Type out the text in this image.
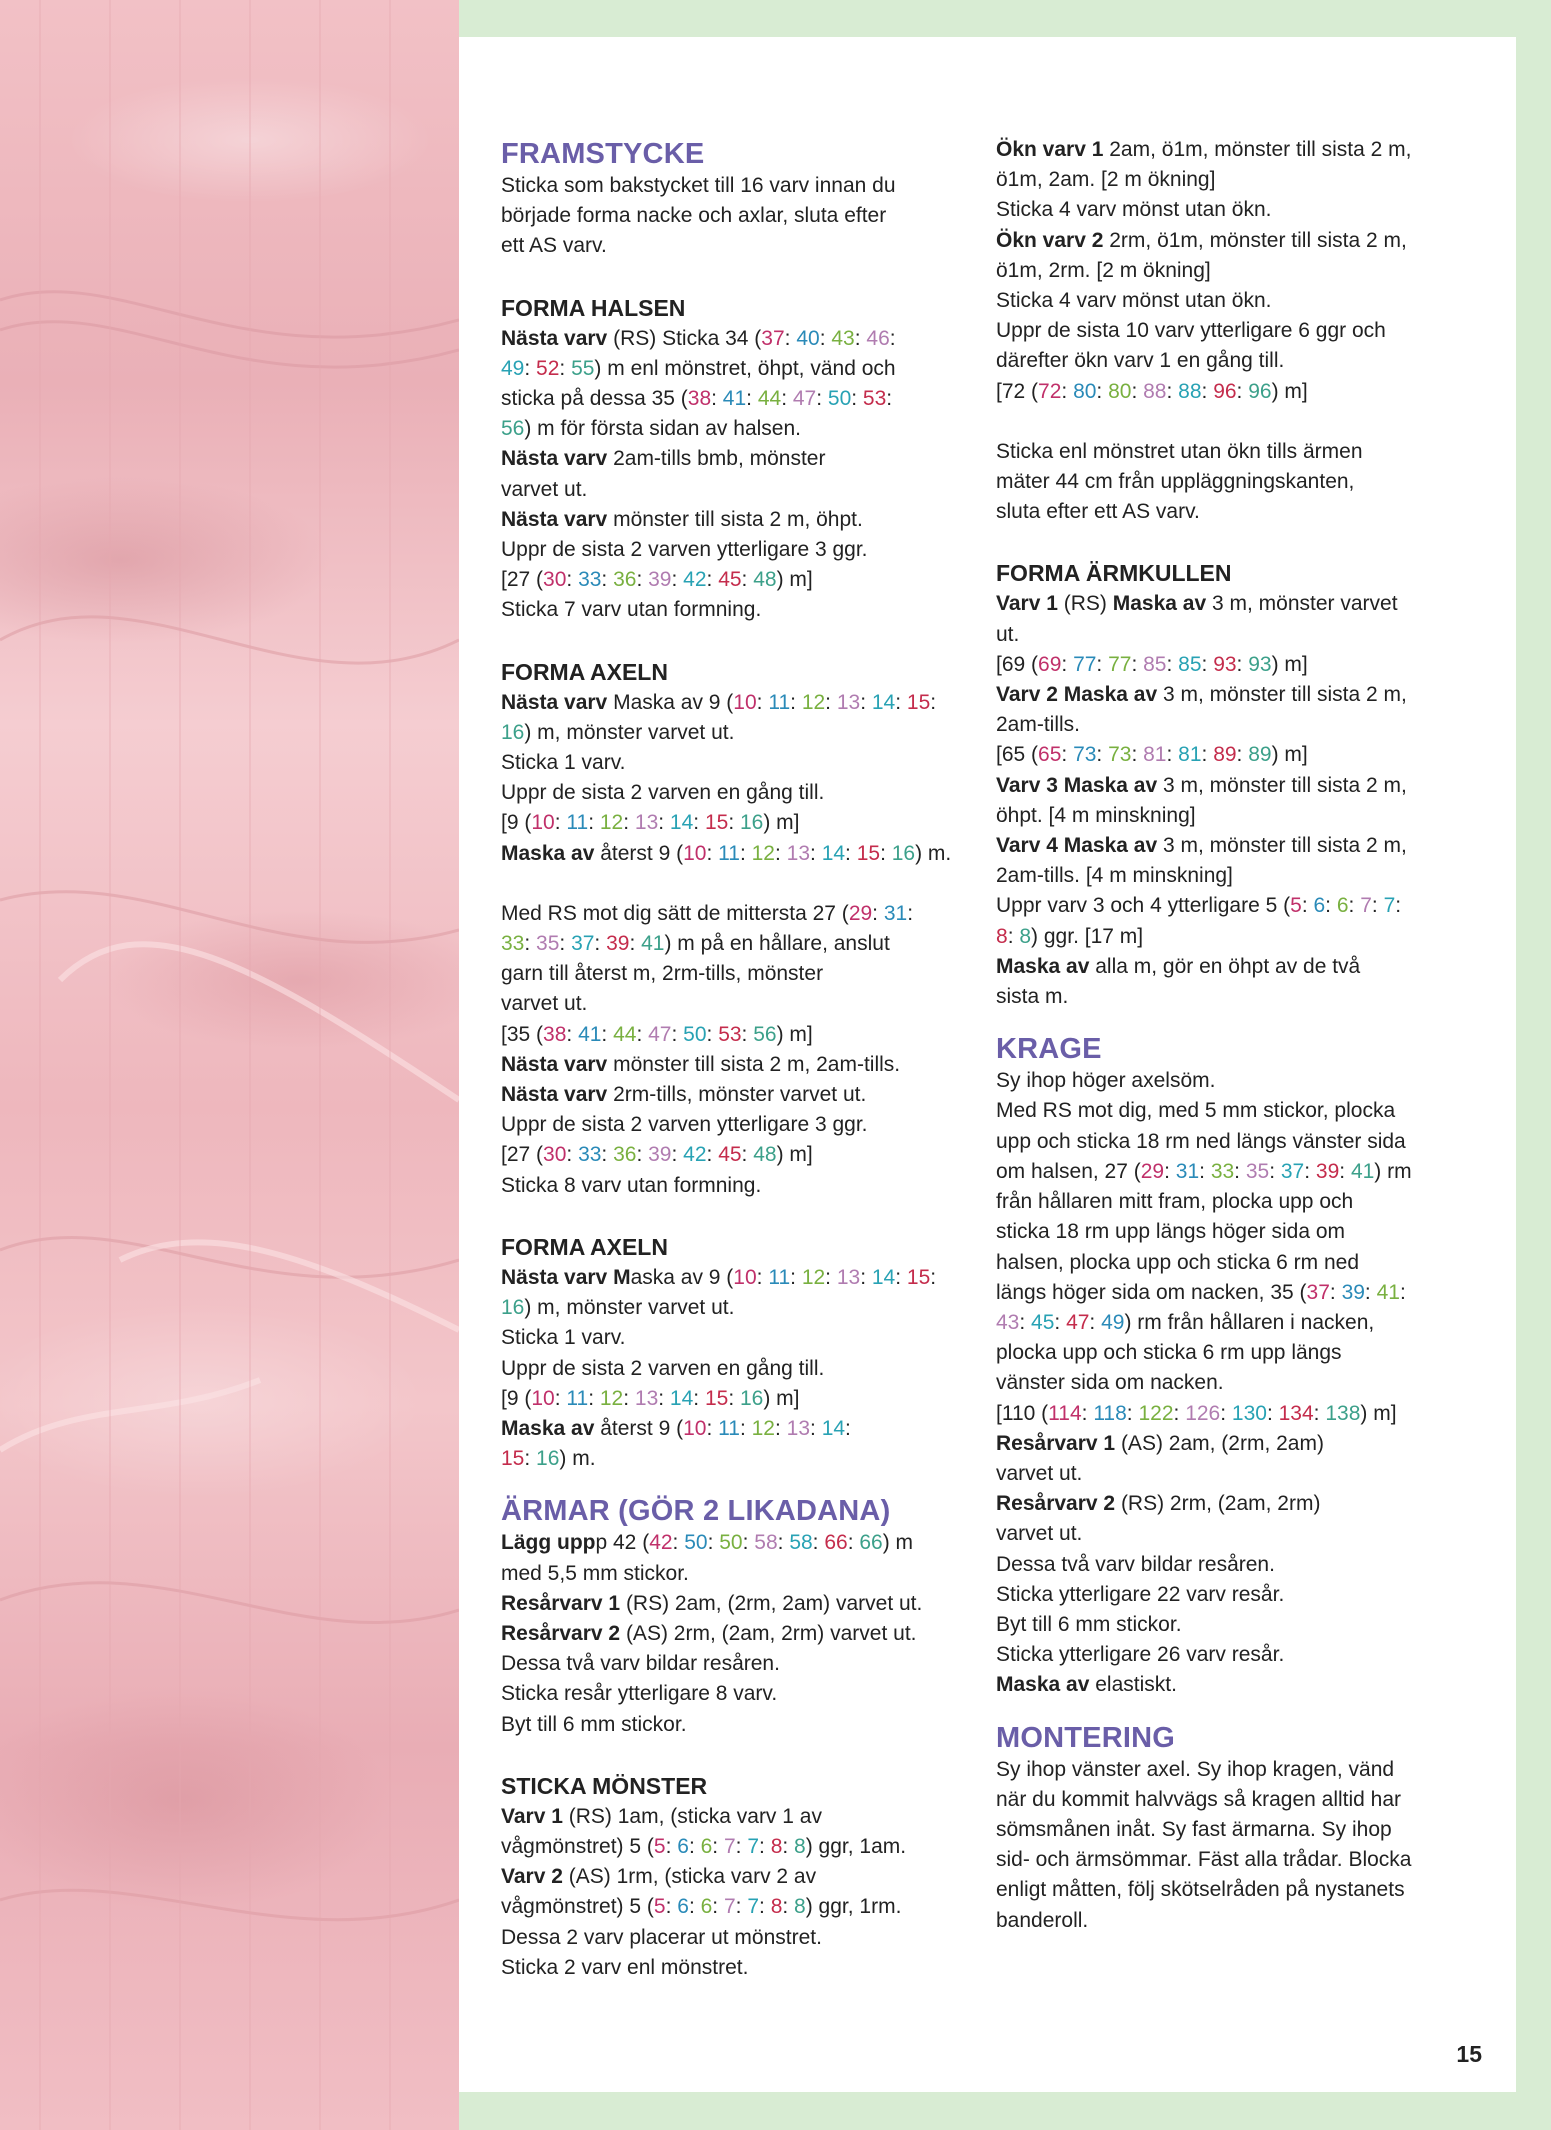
FRAMSTYCKE

Sticka som bakstycket till 16 varv innan du

började forma nacke och axlar, sluta efter

ett AS varv.

FORMA HALSEN

Nästa varv (RS) Sticka 34 (37: 40: 43: 46:

49: 52: 55) m enl mönstret, öhpt, vänd och

sticka på dessa 35 (38: 41: 44: 47: 50: 53:

56) m för första sidan av halsen.

Nästa varv 2am-tills bmb, mönster

varvet ut.

Nästa varv mönster till sista 2 m, öhpt.

Uppr de sista 2 varven ytterligare 3 ggr.

[27 (30: 33: 36: 39: 42: 45: 48) m]

Sticka 7 varv utan formning.

FORMA AXELN

Nästa varv Maska av 9 (10: 11: 12: 13: 14: 15:

16) m, mönster varvet ut.

Sticka 1 varv.

Uppr de sista 2 varven en gång till.

[9 (10: 11: 12: 13: 14: 15: 16) m]

Maska av återst 9 (10: 11: 12: 13: 14: 15: 16) m.

Med RS mot dig sätt de mittersta 27 (29: 31:

33: 35: 37: 39: 41) m på en hållare, anslut

garn till återst m, 2rm-tills, mönster

varvet ut.

[35 (38: 41: 44: 47: 50: 53: 56) m]

Nästa varv mönster till sista 2 m, 2am-tills.

Nästa varv 2rm-tills, mönster varvet ut.

Uppr de sista 2 varven ytterligare 3 ggr.

[27 (30: 33: 36: 39: 42: 45: 48) m]

Sticka 8 varv utan formning.

FORMA AXELN

Nästa varv Maska av 9 (10: 11: 12: 13: 14: 15:

16) m, mönster varvet ut.

Sticka 1 varv.

Uppr de sista 2 varven en gång till.

[9 (10: 11: 12: 13: 14: 15: 16) m]

Maska av återst 9 (10: 11: 12: 13: 14:

15: 16) m.

ÄRMAR (GÖR 2 LIKADANA)

Lägg uppp 42 (42: 50: 50: 58: 58: 66: 66) m

med 5,5 mm stickor.

Resårvarv 1 (RS) 2am, (2rm, 2am) varvet ut.

Resårvarv 2 (AS) 2rm, (2am, 2rm) varvet ut.

Dessa två varv bildar resåren.

Sticka resår ytterligare 8 varv.

Byt till 6 mm stickor.

STICKA MÖNSTER

Varv 1 (RS) 1am, (sticka varv 1 av

vågmönstret) 5 (5: 6: 6: 7: 7: 8: 8) ggr, 1am.

Varv 2 (AS) 1rm, (sticka varv 2 av

vågmönstret) 5 (5: 6: 6: 7: 7: 8: 8) ggr, 1rm.

Dessa 2 varv placerar ut mönstret.

Sticka 2 varv enl mönstret.

Ökn varv 1 2am, ö1m, mönster till sista 2 m,

ö1m, 2am. [2 m ökning]

Sticka 4 varv mönst utan ökn.

Ökn varv 2 2rm, ö1m, mönster till sista 2 m,

ö1m, 2rm. [2 m ökning]

Sticka 4 varv mönst utan ökn.

Uppr de sista 10 varv ytterligare 6 ggr och

därefter ökn varv 1 en gång till.

[72 (72: 80: 80: 88: 88: 96: 96) m]

Sticka enl mönstret utan ökn tills ärmen

mäter 44 cm från uppläggningskanten,

sluta efter ett AS varv.

FORMA ÄRMKULLEN

Varv 1 (RS) Maska av 3 m, mönster varvet

ut.

[69 (69: 77: 77: 85: 85: 93: 93) m]

Varv 2 Maska av 3 m, mönster till sista 2 m,

2am-tills.

[65 (65: 73: 73: 81: 81: 89: 89) m]

Varv 3 Maska av 3 m, mönster till sista 2 m,

öhpt. [4 m minskning]

Varv 4 Maska av 3 m, mönster till sista 2 m,

2am-tills. [4 m minskning]

Uppr varv 3 och 4 ytterligare 5 (5: 6: 6: 7: 7:

8: 8) ggr. [17 m]

Maska av alla m, gör en öhpt av de två

sista m.

KRAGE

Sy ihop höger axelsöm.

Med RS mot dig, med 5 mm stickor, plocka

upp och sticka 18 rm ned längs vänster sida

om halsen, 27 (29: 31: 33: 35: 37: 39: 41) rm

från hållaren mitt fram, plocka upp och

sticka 18 rm upp längs höger sida om

halsen, plocka upp och sticka 6 rm ned

längs höger sida om nacken, 35 (37: 39: 41:

43: 45: 47: 49) rm från hållaren i nacken,

plocka upp och sticka 6 rm upp längs

vänster sida om nacken.

[110 (114: 118: 122: 126: 130: 134: 138) m]

Resårvarv 1 (AS) 2am, (2rm, 2am)

varvet ut.

Resårvarv 2 (RS) 2rm, (2am, 2rm)

varvet ut.

Dessa två varv bildar resåren.

Sticka ytterligare 22 varv resår.

Byt till 6 mm stickor.

Sticka ytterligare 26 varv resår.

Maska av elastiskt.

MONTERING

Sy ihop vänster axel. Sy ihop kragen, vänd

när du kommit halvvägs så kragen alltid har

sömsmånen inåt. Sy fast ärmarna. Sy ihop

sid- och ärmsömmar. Fäst alla trådar. Blocka

enligt måtten, följ skötselråden på nystanets

banderoll.

15
